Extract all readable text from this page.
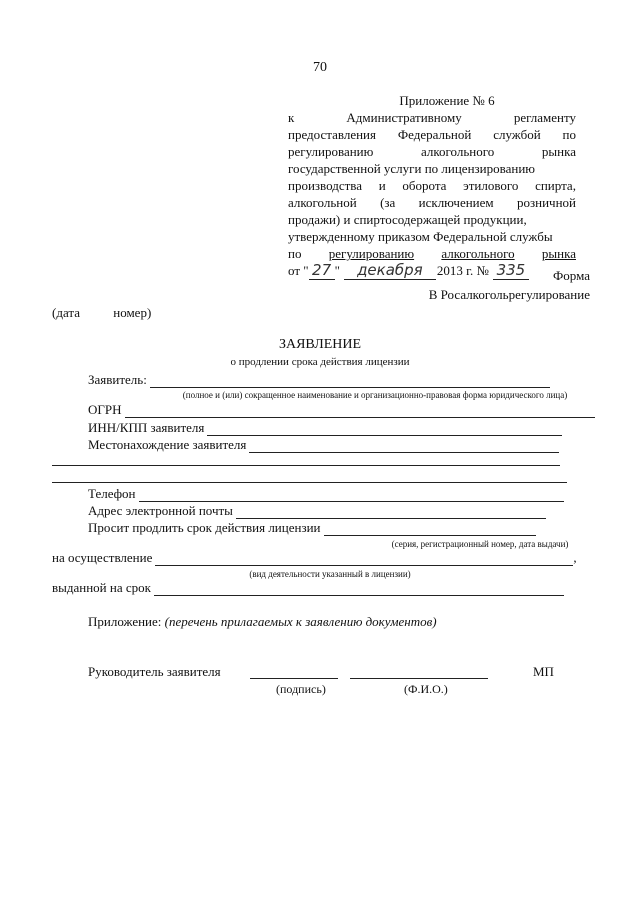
70
Приложение № 6
к	Административному	регламенту
предоставления Федеральной службой по
регулированию	алкогольного	рынка
государственной услуги по лицензированию
производства и оборота этилового спирта,
алкогольной (за исключением розничной
продажи) и спиртосодержащей продукции,
утвержденному приказом Федеральной службы
по регулированию алкогольного рынка
от " 27 "	декабря	2013 г. № 335 Форма
В Росалкогольрегулирование
(дата	номер)
ЗАЯВЛЕНИЕ
о продлении срока действия лицензии
Заявитель:
(полное и (или) сокращенное наименование и организационно-правовая форма юридического лица)
ОГРН
ИНН/КПП заявителя
Местонахождение заявителя
Телефон
Адрес электронной почты
Просит продлить срок действия лицензии
(серия, регистрационный номер, дата выдачи)
на осуществление	,
(вид деятельности указанный в лицензии)
выданной на срок
Приложение: (перечень прилагаемых к заявлению документов)
Руководитель заявителя	МП
(подпись)	(Ф.И.О.)
